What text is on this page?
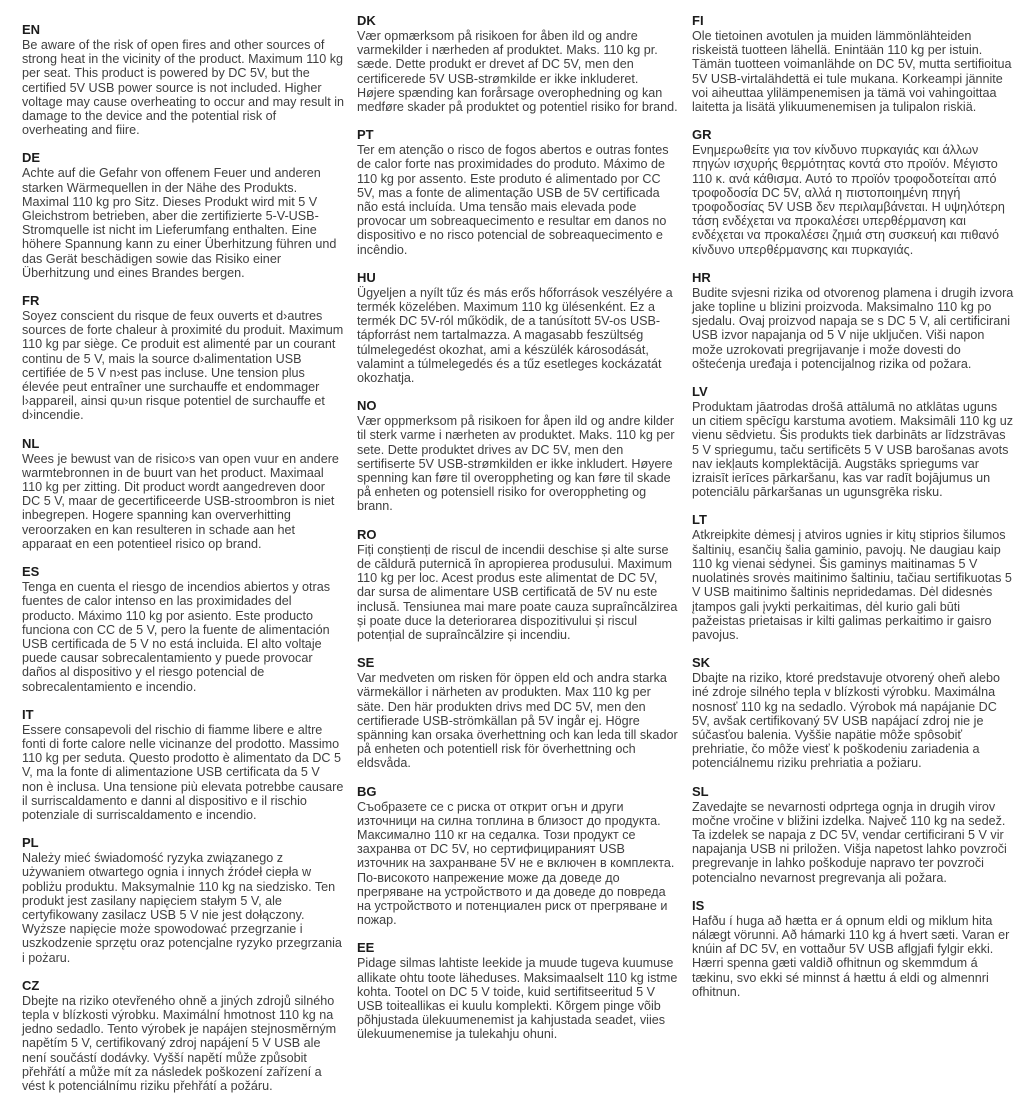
EN

Be aware of the risk of open fires and other sources of strong heat in the vicinity of the product. Maximum 110 kg per seat. This product is powered by DC 5V, but the certified 5V USB power source is not included. Higher voltage may cause overheating to occur and may result in damage to the device and the potential risk of overheating and fiire.

DE

Achte auf die Gefahr von offenem Feuer und anderen starken Wärmequellen in der Nähe des Produkts. Maximal 110 kg pro Sitz. Dieses Produkt wird mit 5 V Gleichstrom betrieben, aber die zertifizierte 5-V-USB-Stromquelle ist nicht im Lieferumfang enthalten. Eine höhere Spannung kann zu einer Überhitzung führen und das Gerät beschädigen sowie das Risiko einer Überhitzung und eines Brandes bergen.

FR

Soyez conscient du risque de feux ouverts et d›autres sources de forte chaleur à proximité du produit. Maximum 110 kg par siège. Ce produit est alimenté par un courant continu de 5 V, mais la source d›alimentation USB certifiée de 5 V n›est pas incluse. Une tension plus élevée peut entraîner une surchauffe et endommager l›appareil, ainsi qu›un risque potentiel de surchauffe et d›incendie.

NL

Wees je bewust van de risico›s van open vuur en andere warmtebronnen in de buurt van het product. Maximaal 110 kg per zitting. Dit product wordt aangedreven door DC 5 V, maar de gecertificeerde USB-stroombron is niet inbegrepen. Hogere spanning kan oververhitting veroorzaken en kan resulteren in schade aan het apparaat en een potentieel risico op brand.

ES

Tenga en cuenta el riesgo de incendios abiertos y otras fuentes de calor intenso en las proximidades del producto. Máximo 110 kg por asiento. Este producto funciona con CC de 5 V, pero la fuente de alimentación USB certificada de 5 V no está incluida. El alto voltaje puede causar sobrecalentamiento y puede provocar daños al dispositivo y el riesgo potencial de sobrecalentamiento e incendio.

IT

Essere consapevoli del rischio di fiamme libere e altre fonti di forte calore nelle vicinanze del prodotto. Massimo 110 kg per seduta. Questo prodotto è alimentato da DC 5 V, ma la fonte di alimentazione USB certificata da 5 V non è inclusa. Una tensione più elevata potrebbe causare il surriscaldamento e danni al dispositivo e il rischio potenziale di surriscaldamento e incendio.

PL

Należy mieć świadomość ryzyka związanego z używaniem otwartego ognia i innych źródeł ciepła w pobliżu produktu. Maksymalnie 110 kg na siedzisko. Ten produkt jest zasilany napięciem stałym 5 V, ale certyfikowany zasilacz USB 5 V nie jest dołączony. Wyższe napięcie może spowodować przegrzanie i uszkodzenie sprzętu oraz potencjalne ryzyko przegrzania i pożaru.

CZ

Dbejte na riziko otevřeného ohně a jiných zdrojů silného tepla v blízkosti výrobku. Maximální hmotnost 110 kg na jedno sedadlo. Tento výrobek je napájen stejnosměrným napětím 5 V, certifikovaný zdroj napájení 5 V USB ale není součástí dodávky. Vyšší napětí může způsobit přehřátí a může mít za následek poškození zařízení a vést k potenciálnímu riziku přehřátí a požáru.

DK

Vær opmærksom på risikoen for åben ild og andre varmekilder i nærheden af produktet. Maks. 110 kg pr. sæde. Dette produkt er drevet af DC 5V, men den certificerede 5V USB-strømkilde er ikke inkluderet. Højere spænding kan forårsage overophedning og kan medføre skader på produktet og potentiel risiko for brand.

PT

Ter em atenção o risco de fogos abertos e outras fontes de calor forte nas proximidades do produto. Máximo de 110 kg por assento. Este produto é alimentado por CC 5V, mas a fonte de alimentação USB de 5V certificada não está incluída. Uma tensão mais elevada pode provocar um sobreaquecimento e resultar em danos no dispositivo e no risco potencial de sobreaquecimento e incêndio.

HU

Ügyeljen a nyílt tűz és más erős hőforrások veszélyére a termék közelében. Maximum 110 kg ülésenként. Ez a termék DC 5V-ról működik, de a tanúsított 5V-os USB-tápforrást nem tartalmazza. A magasabb feszültség túlmelegedést okozhat, ami a készülék károsodását, valamint a túlmelegedés és a tűz esetleges kockázatát okozhatja.

NO

Vær oppmerksom på risikoen for åpen ild og andre kilder til sterk varme i nærheten av produktet. Maks. 110 kg per sete. Dette produktet drives av DC 5V, men den sertifiserte 5V USB-strømkilden er ikke inkludert. Høyere spenning kan føre til overoppheting og kan føre til skade på enheten og potensiell risiko for overoppheting og brann.

RO

Fiți conștienți de riscul de incendii deschise și alte surse de căldură puternică în apropierea produsului. Maximum 110 kg per loc. Acest produs este alimentat de DC 5V, dar sursa de alimentare USB certificată de 5V nu este inclusă. Tensiunea mai mare poate cauza supraîncălzirea și poate duce la deteriorarea dispozitivului și riscul potențial de supraîncălzire și incendiu.

SE

Var medveten om risken för öppen eld och andra starka värmekällor i närheten av produkten. Max 110 kg per säte. Den här produkten drivs med DC 5V, men den certifierade USB-strömkällan på 5V ingår ej. Högre spänning kan orsaka överhettning och kan leda till skador på enheten och potentiell risk för överhettning och eldsvåda.

BG

Съобразете се с риска от открит огън и други източници на силна топлина в близост до продукта. Максимално 110 кг на седалка. Този продукт се захранва от DC 5V, но сертифицираният USB източник на захранване 5V не е включен в комплекта. По-високото напрежение може да доведе до прегряване на устройството и да доведе до повреда на устройството и потенциален риск от прегряване и пожар.

EE

Pidage silmas lahtiste leekide ja muude tugeva kuumuse allikate ohtu toote läheduses. Maksimaalselt 110 kg istme kohta. Tootel on DC 5 V toide, kuid sertifitseeritud 5 V USB toiteallikas ei kuulu komplekti. Kõrgem pinge võib põhjustada ülekuumenemist ja kahjustada seadet, viies ülekuumenemise ja tulekahju ohuni.

FI

Ole tietoinen avotulen ja muiden lämmönlähteiden riskeistä tuotteen lähellä. Enintään 110 kg per istuin. Tämän tuotteen voimanlähde on DC 5V, mutta sertifioitua 5V USB-virtalähdettä ei tule mukana. Korkeampi jännite voi aiheuttaa ylilämpenemisen ja tämä voi vahingoittaa laitetta ja lisätä ylikuumenemisen ja tulipalon riskiä.

GR

Ενημερωθείτε για τον κίνδυνο πυρκαγιάς και άλλων πηγών ισχυρής θερμότητας κοντά στο προϊόν. Μέγιστο 110 κ. ανά κάθισμα. Αυτό το προϊόν τροφοδοτείται από τροφοδοσία DC 5V, αλλά η πιστοποιημένη πηγή τροφοδοσίας 5V USB δεν περιλαμβάνεται. Η υψηλότερη τάση ενδέχεται να προκαλέσει υπερθέρμανση και ενδέχεται να προκαλέσει ζημιά στη συσκευή και πιθανό κίνδυνο υπερθέρμανσης και πυρκαγιάς.

HR

Budite svjesni rizika od otvorenog plamena i drugih izvora jake topline u blizini proizvoda. Maksimalno 110 kg po sjedalu. Ovaj proizvod napaja se s DC 5 V, ali certificirani USB izvor napajanja od 5 V nije uključen. Viši napon može uzrokovati pregrijavanje i može dovesti do oštećenja uređaja i potencijalnog rizika od požara.

LV

Produktam jāatrodas drošā attālumā no atklātas uguns un citiem spēcīgu karstuma avotiem. Maksimāli 110 kg uz vienu sēdvietu. Šis produkts tiek darbināts ar līdzstrāvas 5 V spriegumu, taču sertificēts 5 V USB barošanas avots nav iekļauts komplektācijā. Augstāks spriegums var izraisīt ierīces pārkaršanu, kas var radīt bojājumus un potenciālu pārkaršanas un ugunsgrēka risku.

LT

Atkreipkite dėmesį į atviros ugnies ir kitų stiprios šilumos šaltinių, esančių šalia gaminio, pavojų. Ne daugiau kaip 110 kg vienai sėdynei. Šis gaminys maitinamas 5 V nuolatinės srovės maitinimo šaltiniu, tačiau sertifikuotas 5 V USB maitinimo šaltinis nepridedamas. Dėl didesnės įtampos gali įvykti perkaitimas, dėl kurio gali būti pažeistas prietaisas ir kilti galimas perkaitimo ir gaisro pavojus.

SK

Dbajte na riziko, ktoré predstavuje otvorený oheň alebo iné zdroje silného tepla v blízkosti výrobku. Maximálna nosnosť 110 kg na sedadlo. Výrobok má napájanie DC 5V, avšak certifikovaný 5V USB napájací zdroj nie je súčasťou balenia. Vyššie napätie môže spôsobiť prehriatie, čo môže viesť k poškodeniu zariadenia a potenciálnemu riziku prehriatia a požiaru.

SL

Zavedajte se nevarnosti odprtega ognja in drugih virov močne vročine v bližini izdelka. Največ 110 kg na sedež. Ta izdelek se napaja z DC 5V, vendar certificirani 5 V vir napajanja USB ni priložen. Višja napetost lahko povzroči pregrevanje in lahko poškoduje napravo ter povzroči potencialno nevarnost pregrevanja ali požara.

IS

Hafðu í huga að hætta er á opnum eldi og miklum hita nálægt vörunni. Að hámarki 110 kg á hvert sæti. Varan er knúin af DC 5V, en vottaður 5V USB aflgjafi fylgir ekki. Hærri spenna gæti valdið ofhitnun og skemmdum á tækinu, svo ekki sé minnst á hættu á eldi og almennri ofhitnun.
